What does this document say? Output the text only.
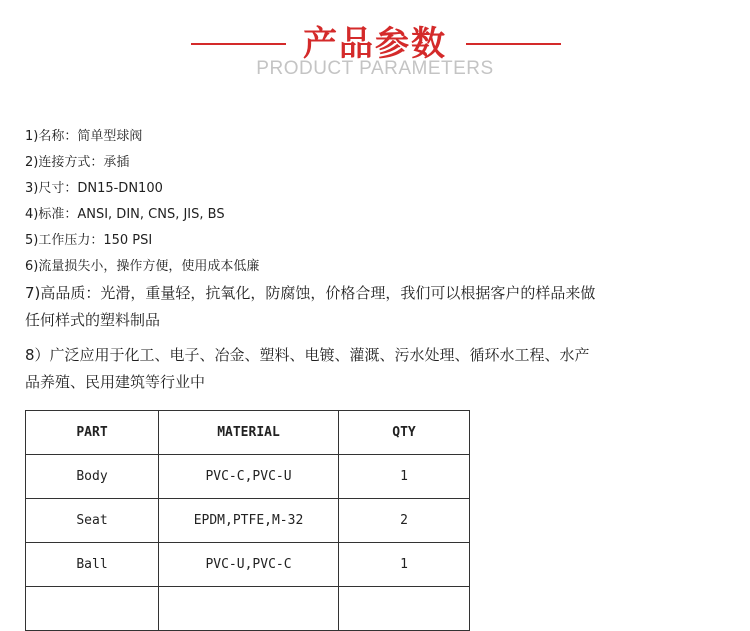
产品参数
PRODUCT PARAMETERS
1)名称：简单型球阀
2)连接方式：承插
3)尺寸：DN15-DN100
4)标准：ANSI, DIN, CNS, JIS, BS
5)工作压力：150 PSI
6)流量损失小，操作方便，使用成本低廉
7)高品质：光滑，重量轻，抗氧化，防腐蚀，价格合理，我们可以根据客户的样品来做任何样式的塑料制品
8）广泛应用于化工、电子、冶金、塑料、电镀、灌溉、污水处理、循环水工程、水产品养殖、民用建筑等行业中
PART	MATERIAL	QTY
Body	PVC-C,PVC-U	1
Seat	EPDM,PTFE,M-32	2
Ball	PVC-U,PVC-C	1
